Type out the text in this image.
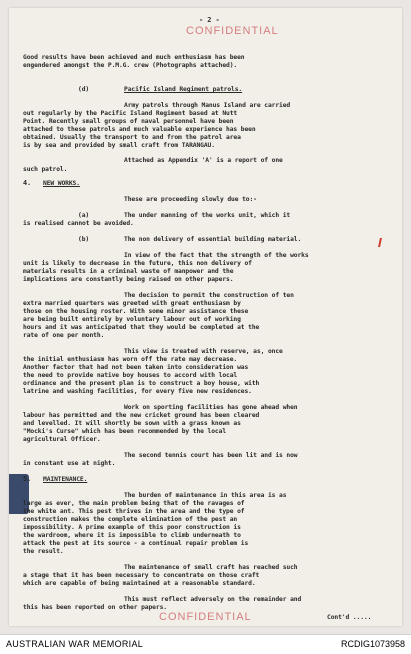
- 2 -
CONFIDENTIAL
Good results have been achieved and much enthusiasm has been
engendered amongst the P.M.G. crew (Photographs attached).
(d)	Pacific Island Regiment patrols.
Army patrols through Manus Island are carried
out regularly by the Pacific Island Regiment based at Nutt
Point. Recently small groups of naval personnel have been
attached to these patrols and much valuable experience has been
obtained. Usually the transport to and from the patrol area
is by sea and provided by small craft from TARANGAU.
Attached as Appendix 'A' is a report of one
such patrol.
4. NEW WORKS.
These are proceeding slowly due to:-
(a)	The under manning of the works unit, which it
is realised cannot be avoided.
(b)	The non delivery of essential building material.
In view of the fact that the strength of the works
unit is likely to decrease in the future, this non delivery of
materials results in a criminal waste of manpower and the
implications are constantly being raised on other papers.
The decision to permit the construction of ten
extra married quarters was greeted with great enthusiasm by
those on the housing roster. With some minor assistance these
are being built entirely by voluntary labour out of working
hours and it was anticipated that they would be completed at the
rate of one per month.
This view is treated with reserve, as, once
the initial enthusiasm has worn off the rate may decrease.
Another factor that had not been taken into consideration was
the need to provide native boy houses to accord with local
ordinance and the present plan is to construct a boy house, with
latrine and washing facilities, for every five new residences.
Work on sporting facilities has gone ahead when
labour has permitted and the new cricket ground has been cleared
and levelled. It will shortly be sown with a grass known as
"Mocki's Curse" which has been recommended by the local
agricultural Officer.
The second tennis court has been lit and is now
in constant use at night.
5. MAINTENANCE.
The burden of maintenance in this area is as
large as ever, the main problem being that of the ravages of
the white ant. This pest thrives in the area and the type of
construction makes the complete elimination of the pest an
impossibility. A prime example of this poor construction is
the wardroom, where it is impossible to climb underneath to
attack the pest at its source - a continual repair problem is
the result.
The maintenance of small craft has reached such
a stage that it has been necessary to concentrate on those craft
which are capable of being maintained at a reasonable standard.
This must reflect adversely on the remainder and
this has been reported on other papers.
CONFIDENTIAL	Cont'd .....
AUSTRALIAN WAR MEMORIAL	RCDIG1073958
